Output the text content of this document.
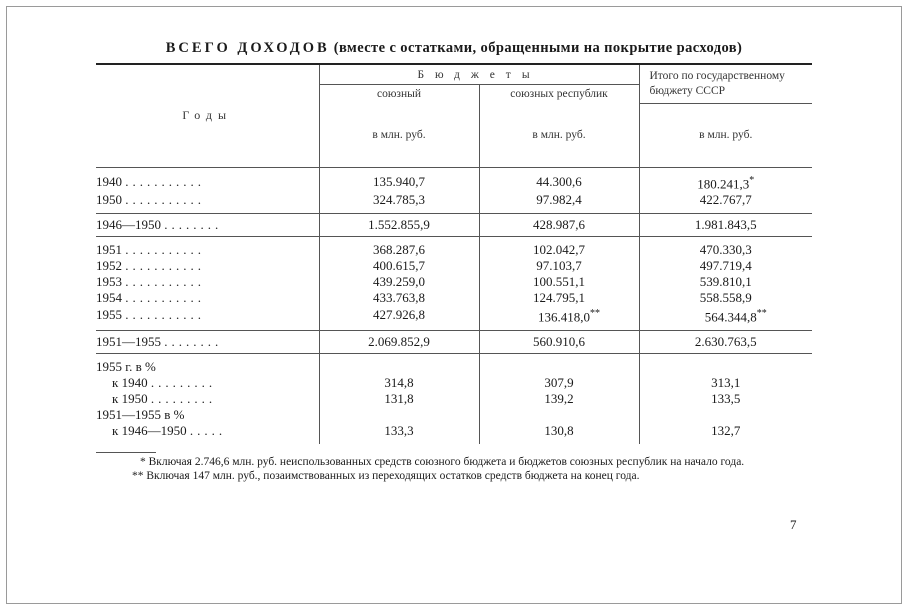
ВСЕГО ДОХОДОВ (вместе с остатками, обращенными на покрытие расходов)
Годы	Бюджеты		Итого по государственному бюджету СССР
	союзный	союзных республик	
	в млн. руб.	в млн. руб.	в млн. руб.
1940 ...........	135.940,7	44.300,6	180.241,3*
1950 ...........	324.785,3	97.982,4	422.767,7
1946—1950 ........	1.552.855,9	428.987,6	1.981.843,5
1951 ...........	368.287,6	102.042,7	470.330,3
1952 ...........	400.615,7	97.103,7	497.719,4
1953 ...........	439.259,0	100.551,1	539.810,1
1954 ...........	433.763,8	124.795,1	558.558,9
1955 ...........	427.926,8	136.418,0**	564.344,8**
1951—1955 ........	2.069.852,9	560.910,6	2.630.763,5
1955 г. в %			
к 1940 .........	314,8	307,9	313,1
к 1950 .........	131,8	139,2	133,5
1951—1955 в %			
к 1946—1950 .....	133,3	130,8	132,7
* Включая 2.746,6 млн. руб. неиспользованных средств союзного бюджета и бюджетов союзных республик на начало года.
** Включая 147 млн. руб., позаимствованных из переходящих остатков средств бюджета на конец года.
7
